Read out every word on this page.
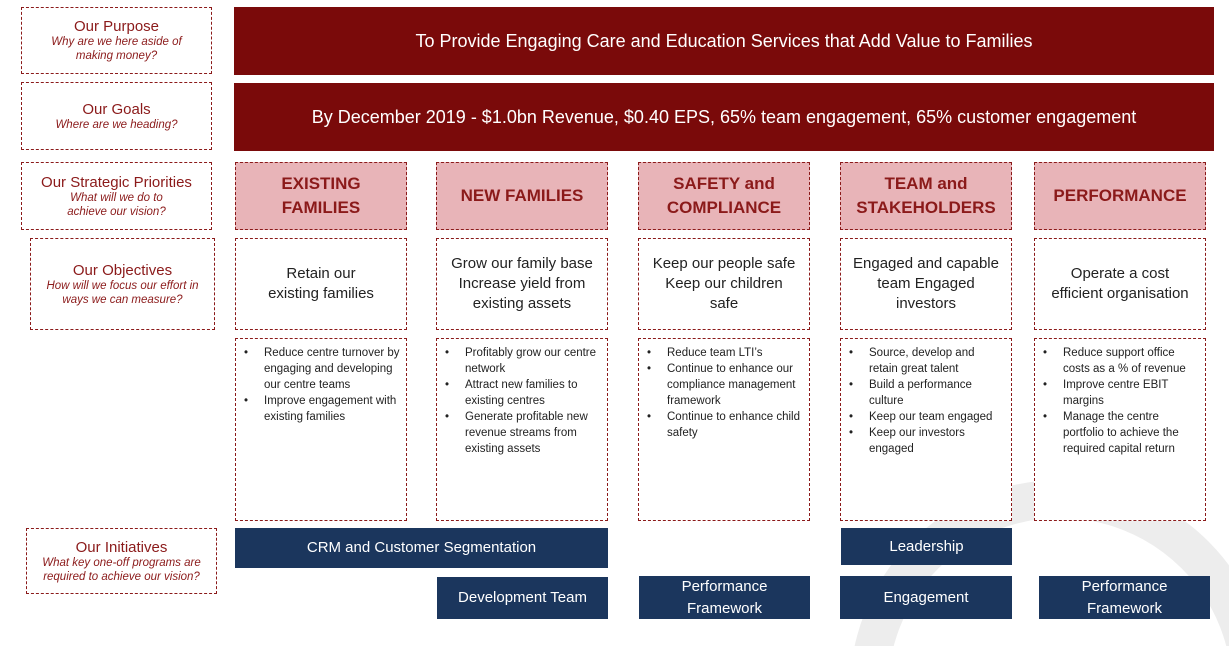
Our Purpose
Why are we here aside of making money?
Our Goals
Where are we heading?
Our Strategic Priorities
What will we do to achieve our vision?
Our Objectives
How will we focus our effort in ways we can measure?
Our Initiatives
What key one-off programs are required to achieve our vision?
To Provide Engaging Care and Education Services that Add Value to Families
By December 2019 - $1.0bn Revenue, $0.40 EPS, 65% team engagement, 65% customer engagement
EXISTING FAMILIES
Retain our existing families
• Reduce centre turnover by engaging and developing our centre teams
• Improve engagement with existing families
NEW FAMILIES
Grow our family base Increase yield from existing assets
• Profitably grow our centre network
• Attract new families to existing centres
• Generate profitable new revenue streams from existing assets
SAFETY and COMPLIANCE
Keep our people safe Keep our children safe
• Reduce team LTI’s
• Continue to enhance our compliance management framework
• Continue to enhance child safety
TEAM and STAKEHOLDERS
Engaged and capable team Engaged investors
• Source, develop and retain great talent
• Build a performance culture
• Keep our team engaged
• Keep our investors engaged
PERFORMANCE
Operate a cost efficient organisation
• Reduce support office costs as a % of revenue
• Improve centre EBIT margins
• Manage the centre portfolio to achieve the required capital return
CRM and Customer Segmentation	Leadership
Development Team
Performance Framework
Engagement
Performance Framework
